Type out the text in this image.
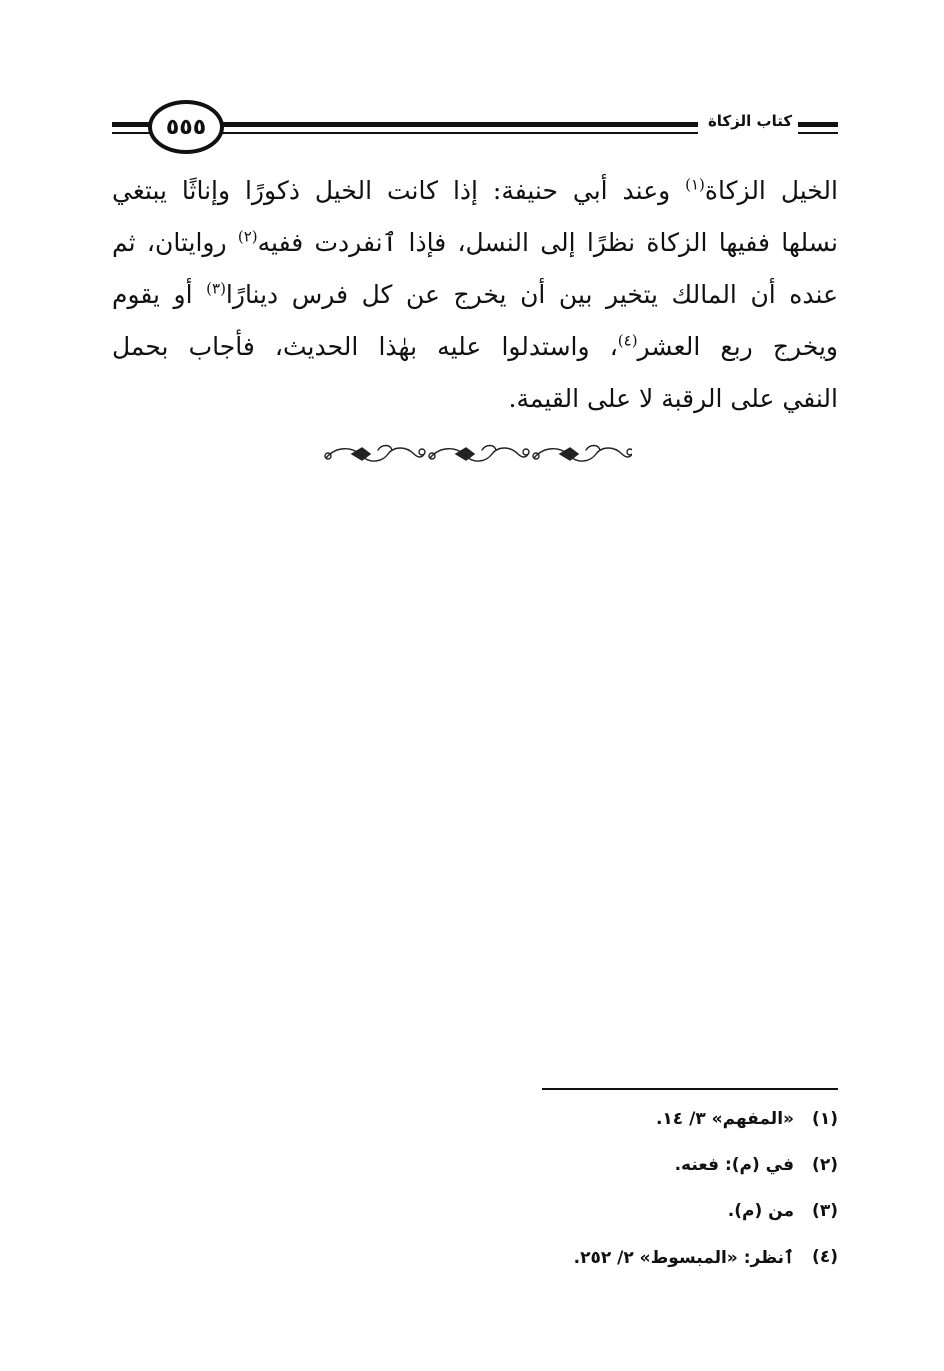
٥٥٥	كتاب الزكاة
الخيل الزكاة$^{(١)}$ وعند أبي حنيفة: إذا كانت الخيل ذكورًا وإناثًا يبتغي
نسلها ففيها الزكاة نظرًا إلى النسل، فإذا ٱنفردت ففيه$^{(٢)}$ روايتان، ثم
عنده أن المالك يتخير بين أن يخرج عن كل فرس دينارًا$^{(٣)}$ أو يقوم
ويخرج ربع العشر$^{(٤)}$، واستدلوا عليه بهٰذا الحديث، فأجاب بحمل
النفي على الرقبة لا على القيمة.
(١)
«المفهم» ٣/ ١٤.
(٢)
في (م): فعنه.
(٣)
من (م).
(٤)
ٱنظر: «المبسوط» ٢/ ٢٥٢.
